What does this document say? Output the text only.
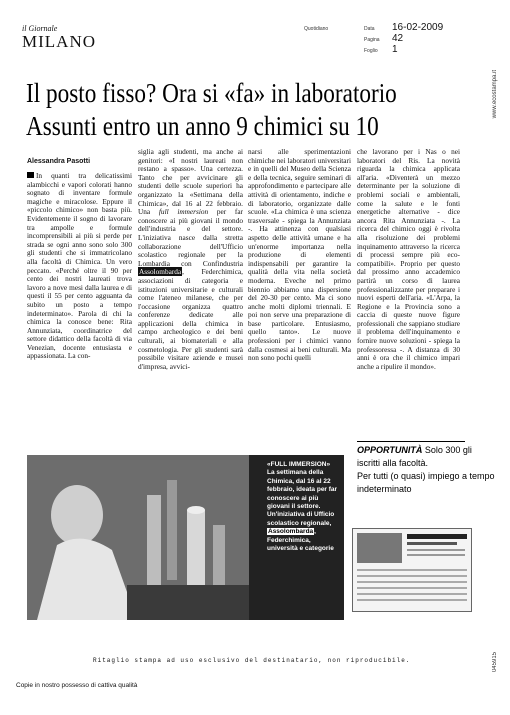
il Giornale
MILANO
Quotidiano	Data 16-02-2009
Pagina 42
Foglio 1
www.ecostampa.it
045915
Il posto fisso? Ora si «fa» in laboratorio
Assunti entro un anno 9 chimici su 10
Alessandra Pasotti

In quanti tra delicatissimi alambicchi e vapori colorati hanno sognato di inventare formule magiche e miracolose. Eppure il «piccolo chimico» non basta più. Evidentemente il sogno di lavorare tra ampolle e formule incomprensibili ai più si perde per strada se ogni anno sono solo 300 gli studenti che si immatricolano alla facoltà di Chimica. Un vero peccato. «Perché oltre il 90 per cento dei nostri laureati trova lavoro a nove mesi dalla laurea e di questi il 55 per cento agguanta da subito un posto a tempo indeterminato». Parola di chi la chimica la conosce bene: Rita Annunziata, coordinatrice del settore didattico della facoltà di via Venezian, docente entusiasta e appassionata. La con-

siglia agli studenti, ma anche ai genitori: «I nostri laureati non restano a spasso». Una certezza. Tanto che per avvicinare gli studenti delle scuole superiori ha organizzato la «Settimana della Chimica», dal 16 al 22 febbraio. Una full immersion per far conoscere ai più giovani il mondo dell'industria e del settore. L'iniziativa nasce dalla stretta collaborazione dell'Ufficio scolastico regionale per la Lombardia con Confindustria Assolombarda, Federchimica, associazioni di categoria e istituzioni universitarie e culturali come l'ateneo milanese, che per l'occasione organizza quattro conferenze dedicate alle applicazioni della chimica in campo archeologico e dei beni culturali, ai biomateriali e alla cosmetologia. Per gli studenti sarà possibile visitare aziende e musei d'impresa, avvici-

narsi alle sperimentazioni chimiche nei laboratori universitari e in quelli del Museo della Scienza e della tecnica, seguire seminari di approfondimento e partecipare alle attività di orientamento, indiche e di laboratorio, organizzate dalle scuole. «La chimica è una scienza trasversale - spiega la Annunziata -. Ha attinenza con qualsiasi aspetto delle attività umane e ha un'enorme importanza nella produzione di elementi indispensabili per garantire la qualità della vita nella società moderna. Eveche nel primo biennio abbiamo una dispersione del 20-30 per cento. Ma ci sono anche molti diplomi triennali. E poi non serve una preparazione di base particolare. Entusiasmo, quello tanto». Le nuove professioni per i chimici vanno dalla cosmesi ai beni culturali. Ma non sono pochi quelli

che lavorano per i Nas o nei laboratori del Ris. La novità riguarda la chimica applicata all'aria. «Diventerà un mezzo determinante per la soluzione di problemi sociali e ambientali, come la salute e le fonti energetiche alternative - dice ancora Rita Annunziata -. La ricerca del chimico oggi è rivolta alla risoluzione dei problemi inquinamento attraverso la ricerca di processi sempre più eco-compatibili». Proprio per questo dal prossimo anno accademico partirà un corso di laurea professionalizzante per preparare i nuovi esperti dell'aria. «L'Arpa, la Regione e la Provincia sono a caccia di queste nuove figure professionali che sappiano studiare il problema dell'inquinamento e fornire nuove soluzioni - spiega la professoressa -. A distanza di 30 anni è ora che il chimico impari anche a ripulire il mondo».

OPPORTUNITÀ Solo 300 gli iscritti alla facoltà.
Per tutti (o quasi) impiego a tempo indeterminato
«FULL IMMERSION»
La settimana della Chimica, dal 16 al 22 febbraio, ideata per far conoscere ai più giovani il settore. Un'iniziativa di Ufficio scolastico regionale, Assolombarda, Federchimica, università e categorie
Ritaglio stampa ad uso esclusivo del destinatario, non riproducibile.
Copie in nostro possesso di cattiva qualità
